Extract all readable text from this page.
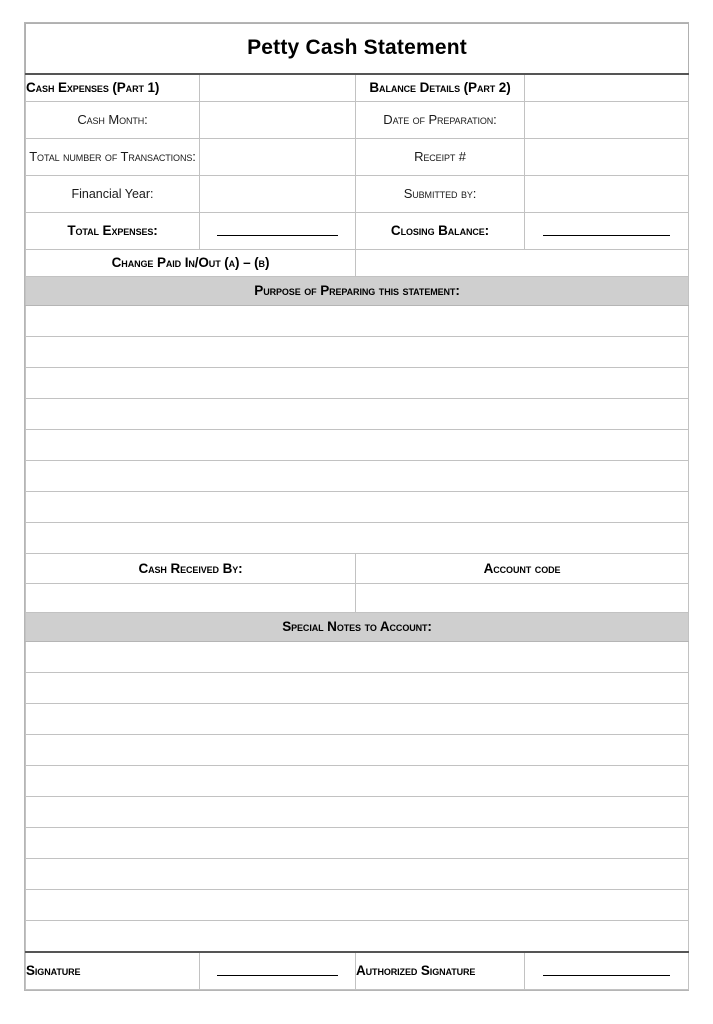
Petty Cash Statement			
Cash Expenses (Part 1)		Balance Details (Part 2)	
Cash Month:		Date of Preparation:	
Total number of Transactions:		Receipt #	
Financial Year:		Submitted by:	
Total Expenses:		Closing Balance:	

Change Paid In/Out (a) – (b)			
Purpose of Preparing this statement:			

Cash Received By:		Account code	

Special Notes to Account:			

Signature		Authorized Signature	
